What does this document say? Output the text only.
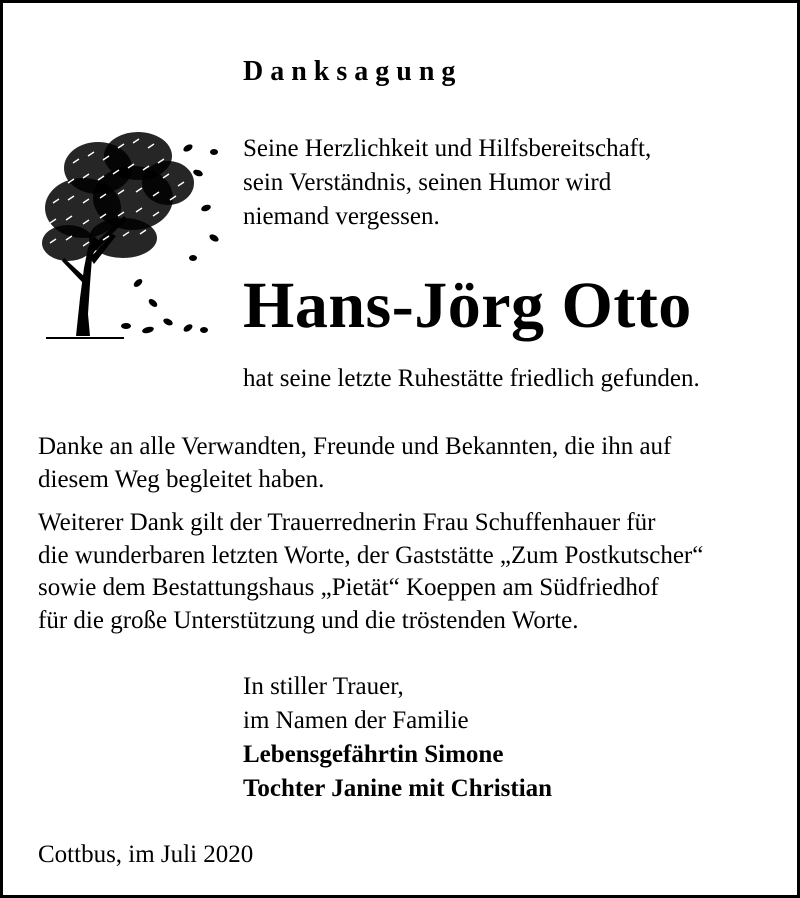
Danksagung
Seine Herzlichkeit und Hilfsbereitschaft,
sein Verständnis, seinen Humor wird
niemand vergessen.
Hans-Jörg Otto
hat seine letzte Ruhestätte friedlich gefunden.
Danke an alle Verwandten, Freunde und Bekannten, die ihn auf
diesem Weg begleitet haben.
Weiterer Dank gilt der Trauerrednerin Frau Schuffenhauer für
die wunderbaren letzten Worte, der Gaststätte „Zum Postkutscher“
sowie dem Bestattungshaus „Pietät“ Koeppen am Südfriedhof
für die große Unterstützung und die tröstenden Worte.
In stiller Trauer,
im Namen der Familie
Lebensgefährtin Simone
Tochter Janine mit Christian
Cottbus, im Juli 2020
